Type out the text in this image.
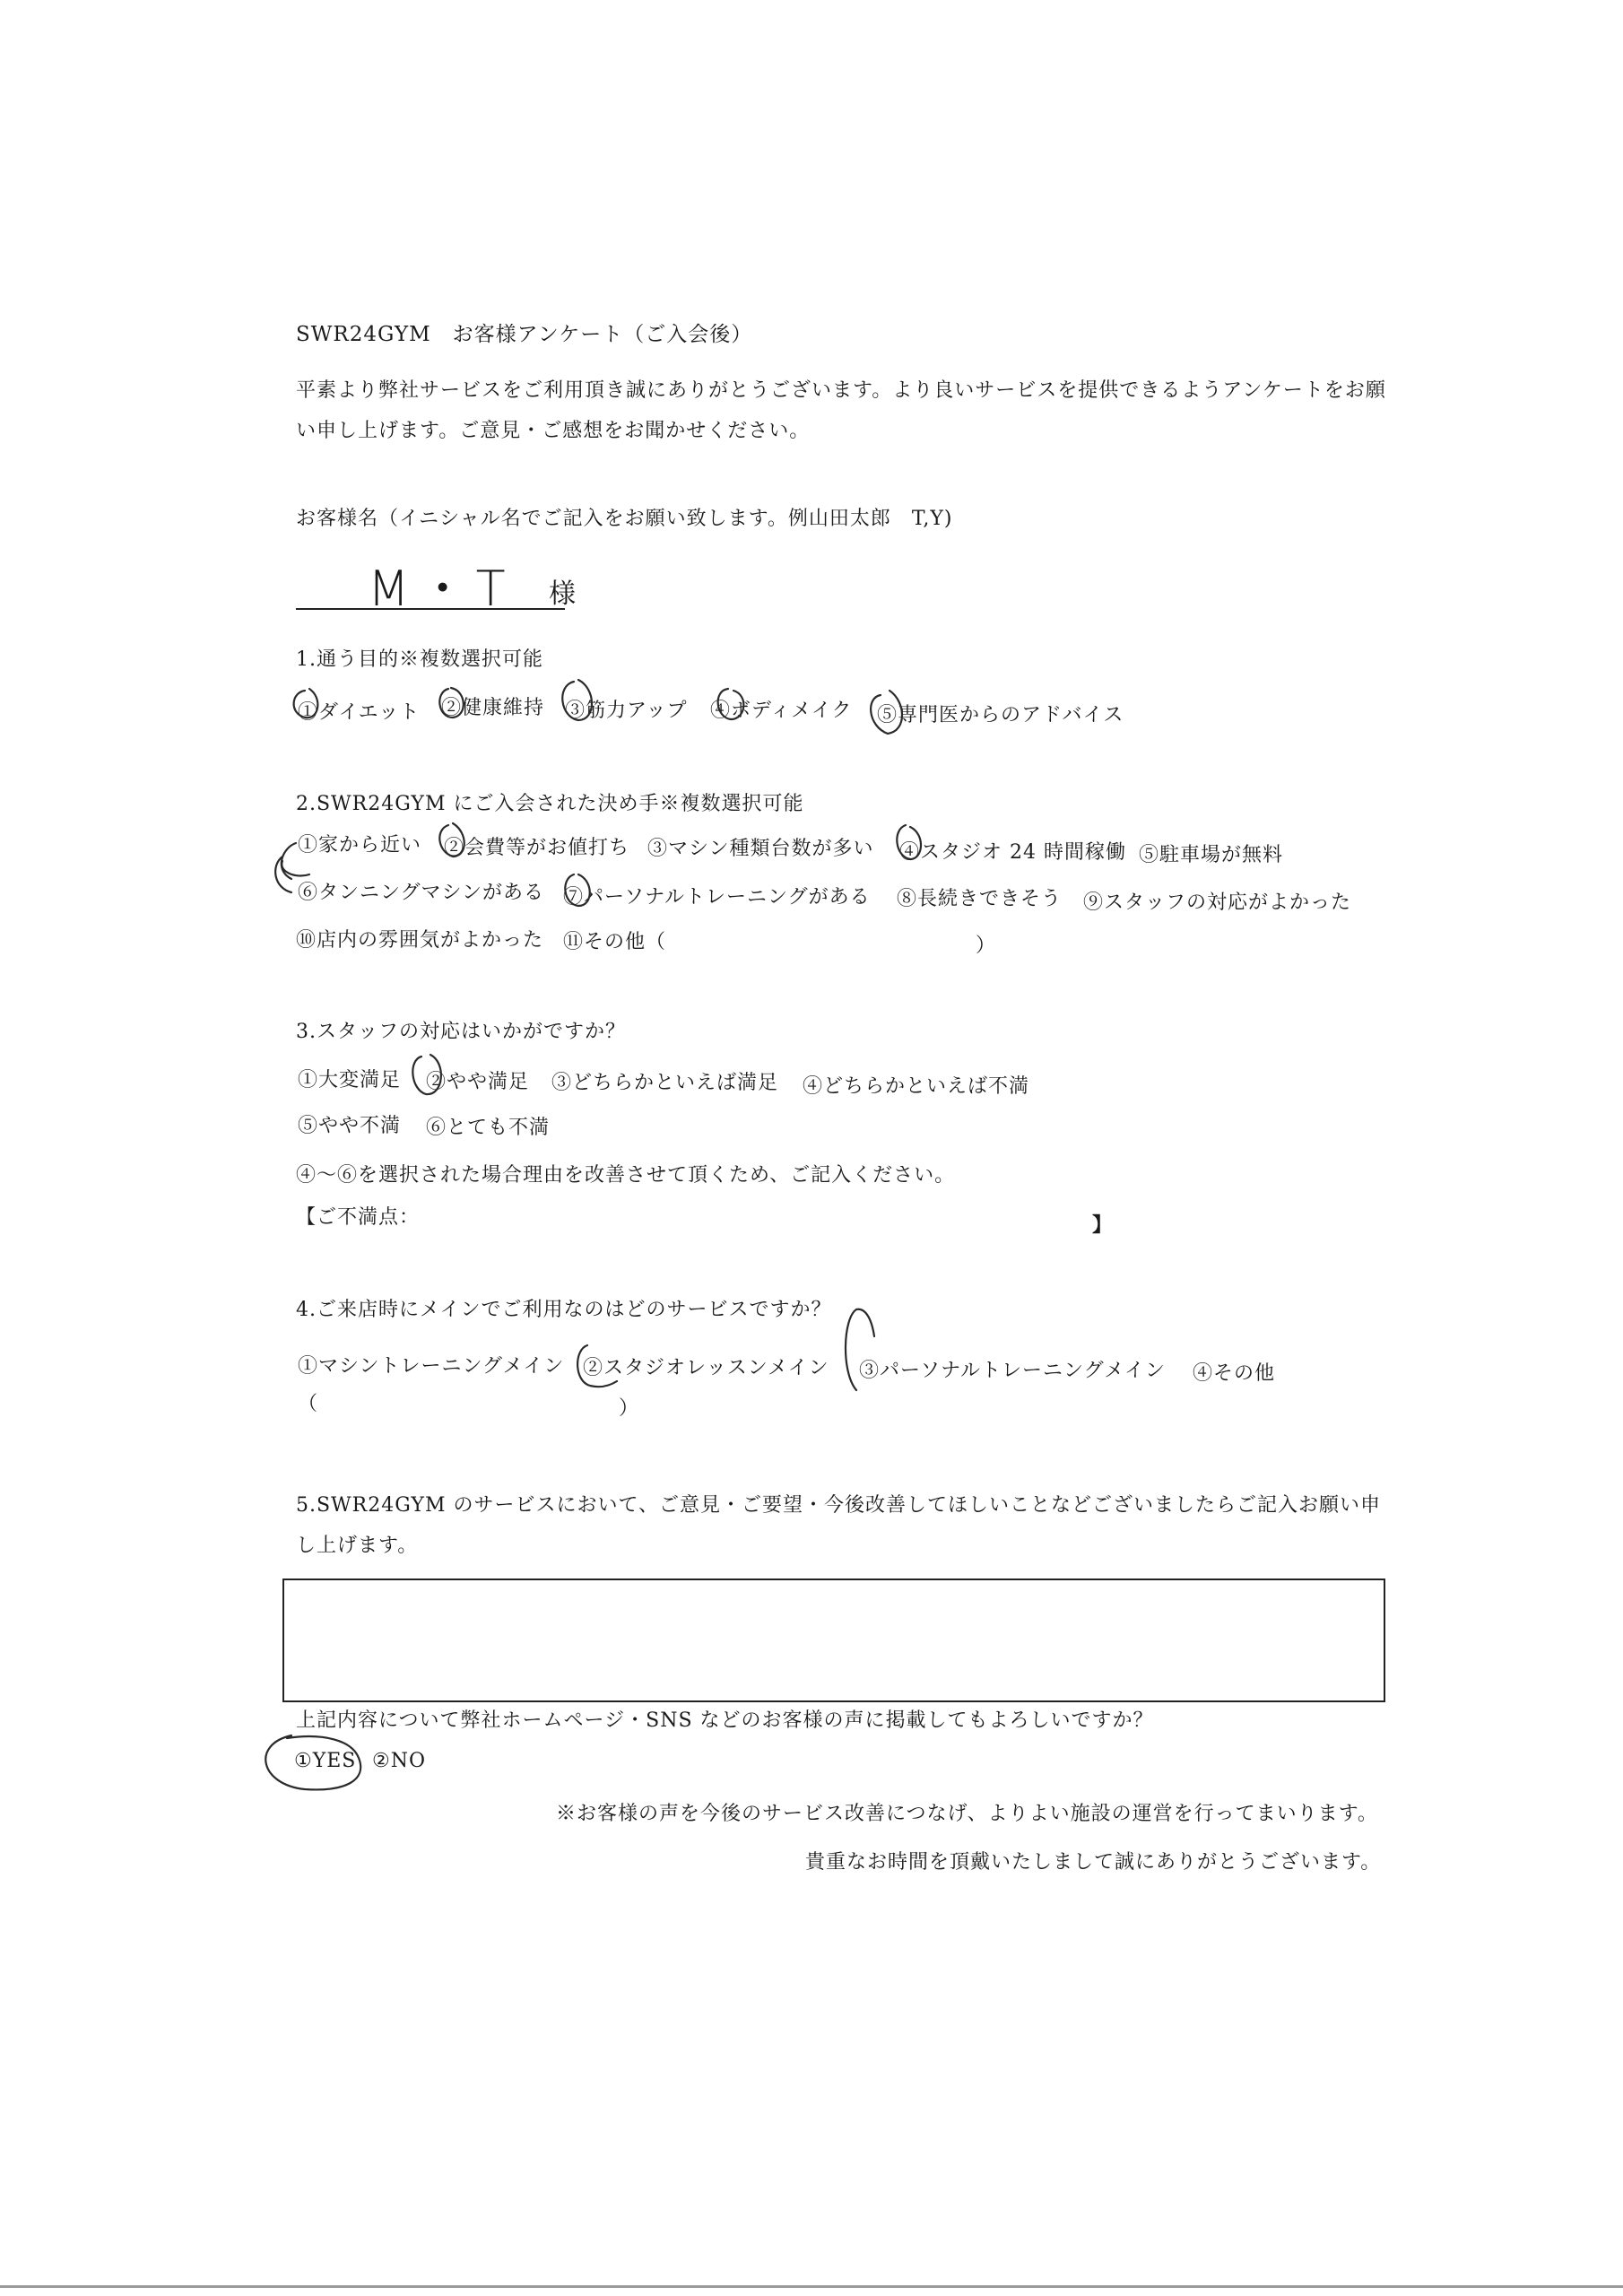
SWR24GYM　お客様アンケート（ご入会後）
平素より弊社サービスをご利用頂き誠にありがとうございます。より良いサービスを提供できるようアンケートをお願
い申し上げます。ご意見・ご感想をお聞かせください。
お客様名（イニシャル名でご記入をお願い致します。例山田太郎　T,Y)
M・T 様
1.通う目的※複数選択可能
①ダイエット ②健康維持 ③筋力アップ ④ボディメイク ⑤専門医からのアドバイス
2.SWR24GYM にご入会された決め手※複数選択可能
①家から近い ②会費等がお値打ち ③マシン種類台数が多い ④スタジオ 24 時間稼働 ⑤駐車場が無料
⑥タンニングマシンがある ⑦パーソナルトレーニングがある ⑧長続きできそう ⑨スタッフの対応がよかった
⑩店内の雰囲気がよかった ⑪その他（	）
3.スタッフの対応はいかがですか？
①大変満足 ②やや満足 ③どちらかといえば満足 ④どちらかといえば不満
⑤やや不満 ⑥とても不満
④～⑥を選択された場合理由を改善させて頂くため、ご記入ください。
【ご不満点：	】
4.ご来店時にメインでご利用なのはどのサービスですか？
①マシントレーニングメイン ②スタジオレッスンメイン ③パーソナルトレーニングメイン ④その他
（	）
5.SWR24GYM のサービスにおいて、ご意見・ご要望・今後改善してほしいことなどございましたらご記入お願い申
し上げます。
上記内容について弊社ホームページ・SNS などのお客様の声に掲載してもよろしいですか？
①YES ②NO
※お客様の声を今後のサービス改善につなげ、よりよい施設の運営を行ってまいります。
貴重なお時間を頂戴いたしまして誠にありがとうございます。
